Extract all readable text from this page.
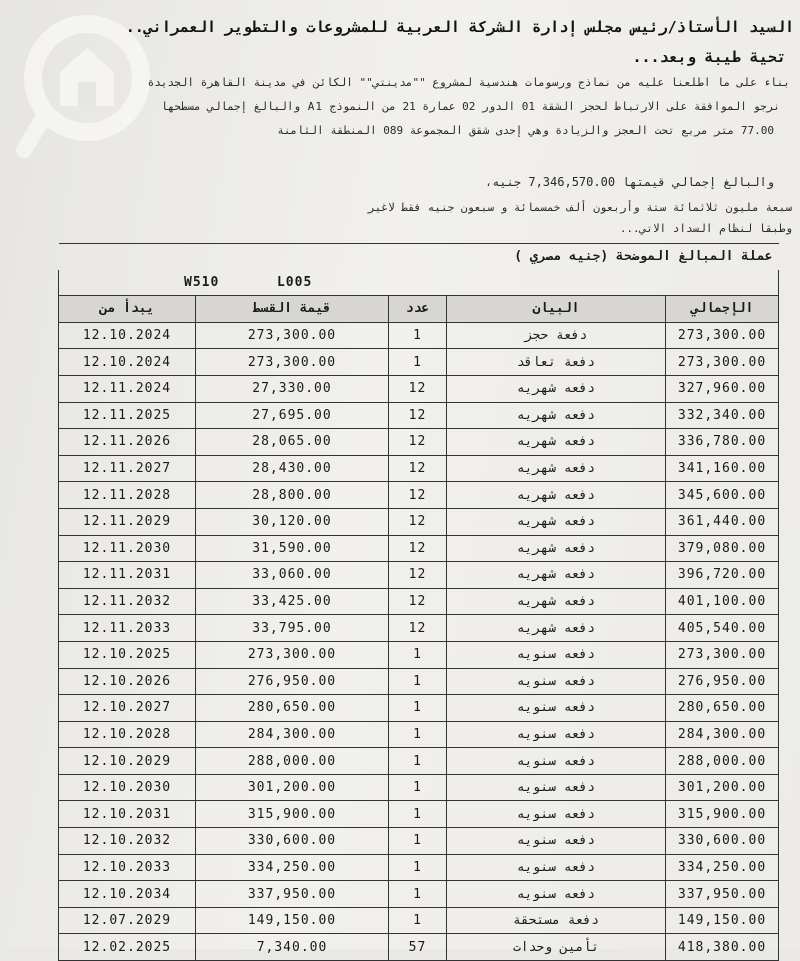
السيد الأستاذ/رئيس مجلس إدارة الشركة العربية للمشروعات والتطوير العمراني..
تحية طيبة وبعد...
بناء على ما اطلعنا عليه من نماذج ورسومات هندسية لمشروع ""مدينتي"" الكائن في مدينة القاهرة الجديدة
نرجو الموافقة على الارتباط لحجز الشقة 01 الدور 02 عمارة 21 من النموذج A1 والبالغ إجمالي مسطحها
77.00 متر مربع تحت العجز والزيادة وهي إحدى شقق المجموعة 089 المنطقة الثامنة
والبالغ إجمالي قيمتها 7,346,570.00 جنيه،
سبعة مليون ثلاثمائة ستة وأربعون ألف خمسمائة و سبعون جنيه فقط لاغير
وطبقا لنظام السداد الاتي...
عملة المبالغ الموضحة (جنيه مصري )				
W510 L005				
يبدأ من	قيمة القسط	عدد	البيان	الإجمالي
12.10.2024	273,300.00	1	دفعة حجز	273,300.00
12.10.2024	273,300.00	1	دفعة تعاقد	273,300.00
12.11.2024	27,330.00	12	دفعه شهريه	327,960.00
12.11.2025	27,695.00	12	دفعه شهريه	332,340.00
12.11.2026	28,065.00	12	دفعه شهريه	336,780.00
12.11.2027	28,430.00	12	دفعه شهريه	341,160.00
12.11.2028	28,800.00	12	دفعه شهريه	345,600.00
12.11.2029	30,120.00	12	دفعه شهريه	361,440.00
12.11.2030	31,590.00	12	دفعه شهريه	379,080.00
12.11.2031	33,060.00	12	دفعه شهريه	396,720.00
12.11.2032	33,425.00	12	دفعه شهريه	401,100.00
12.11.2033	33,795.00	12	دفعه شهريه	405,540.00
12.10.2025	273,300.00	1	دفعه سنويه	273,300.00
12.10.2026	276,950.00	1	دفعه سنويه	276,950.00
12.10.2027	280,650.00	1	دفعه سنويه	280,650.00
12.10.2028	284,300.00	1	دفعه سنويه	284,300.00
12.10.2029	288,000.00	1	دفعه سنويه	288,000.00
12.10.2030	301,200.00	1	دفعه سنويه	301,200.00
12.10.2031	315,900.00	1	دفعه سنويه	315,900.00
12.10.2032	330,600.00	1	دفعه سنويه	330,600.00
12.10.2033	334,250.00	1	دفعه سنويه	334,250.00
12.10.2034	337,950.00	1	دفعه سنويه	337,950.00
12.07.2029	149,150.00	1	دفعة مستحقة	149,150.00
12.02.2025	7,340.00	57	تأمين وحدات	418,380.00
